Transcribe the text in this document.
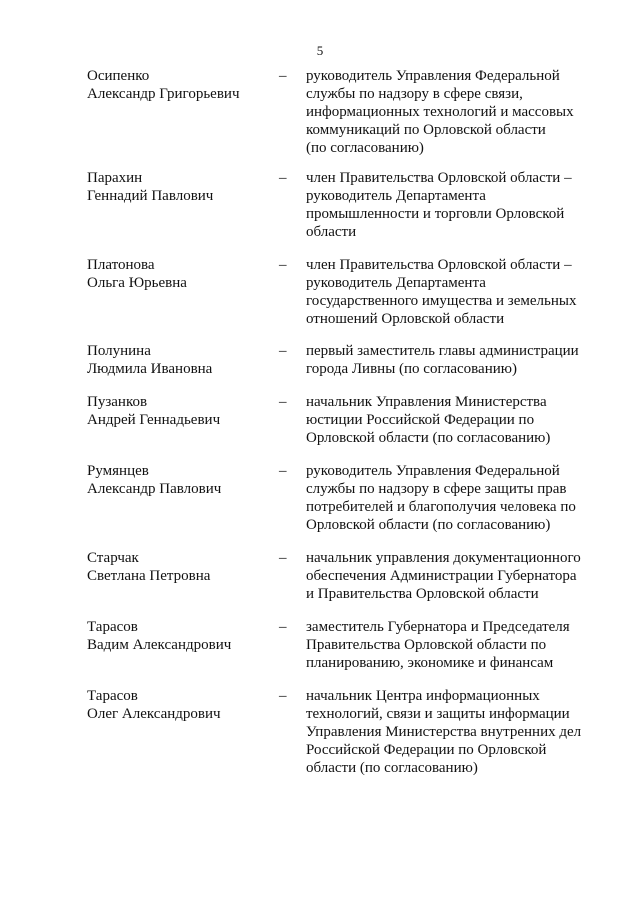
5
Осипенко
Александр Григорьевич
– руководитель Управления Федеральной
службы по надзору в сфере связи,
информационных технологий и массовых
коммуникаций по Орловской области
(по согласованию)
Парахин
Геннадий Павлович
– член Правительства Орловской области –
руководитель Департамента
промышленности и торговли Орловской
области
Платонова
Ольга Юрьевна
– член Правительства Орловской области –
руководитель Департамента
государственного имущества и земельных
отношений Орловской области
Полунина
Людмила Ивановна
– первый заместитель главы администрации
города Ливны (по согласованию)
Пузанков
Андрей Геннадьевич
– начальник Управления Министерства
юстиции Российской Федерации по
Орловской области (по согласованию)
Румянцев
Александр Павлович
– руководитель Управления Федеральной
службы по надзору в сфере защиты прав
потребителей и благополучия человека по
Орловской области (по согласованию)
Старчак
Светлана Петровна
– начальник управления документационного
обеспечения Администрации Губернатора
и Правительства Орловской области
Тарасов
Вадим Александрович
– заместитель Губернатора и Председателя
Правительства Орловской области по
планированию, экономике и финансам
Тарасов
Олег Александрович
– начальник Центра информационных
технологий, связи и защиты информации
Управления Министерства внутренних дел
Российской Федерации по Орловской
области (по согласованию)
